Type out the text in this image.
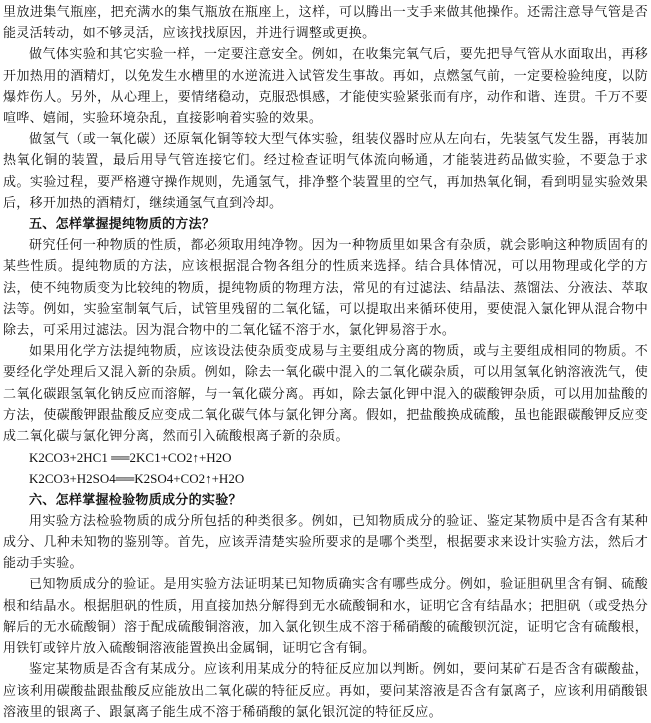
里放进集气瓶座，把充满水的集气瓶放在瓶座上，这样，可以腾出一支手来做其他操作。还需注意导气管是否能灵活转动，如不够灵活，应该找找原因，并进行调整或更换。

做气体实验和其它实验一样，一定要注意安全。例如，在收集完氧气后，要先把导气管从水面取出，再移开加热用的酒精灯，以免发生水槽里的水逆流进入试管发生事故。再如，点燃氢气前，一定要检验纯度，以防爆炸伤人。另外，从心理上，要情绪稳动，克服恐惧感，才能使实验紧张而有序，动作和谐、连贯。千万不要喧哗、嬉闹，实验环境杂乱，直接影响着实验的效果。

做氢气（或一氧化碳）还原氧化铜等较大型气体实验，组装仪器时应从左向右，先装氢气发生器，再装加热氧化铜的装置，最后用导气管连接它们。经过检查证明气体流向畅通，才能装进药品做实验，不要急于求成。实验过程，要严格遵守操作规则，先通氢气，排净整个装置里的空气，再加热氧化铜，看到明显实验效果后，移开加热的酒精灯，继续通氢气直到冷却。

五、怎样掌握提纯物质的方法？

研究任何一种物质的性质，都必须取用纯净物。因为一种物质里如果含有杂质，就会影响这种物质固有的某些性质。提纯物质的方法，应该根据混合物各组分的性质来选择。结合具体情况，可以用物理或化学的方法，使不纯物质变为比较纯的物质，提纯物质的物理方法，常见的有过滤法、结晶法、蒸馏法、分液法、萃取法等。例如，实验室制氧气后，试管里残留的二氧化锰，可以提取出来循环使用，要使混入氯化钾从混合物中除去，可采用过滤法。因为混合物中的二氧化锰不溶于水，氯化钾易溶于水。

如果用化学方法提纯物质，应该设法使杂质变成易与主要组成分离的物质，或与主要组成相同的物质。不要经化学处理后又混入新的杂质。例如，除去一氧化碳中混入的二氧化碳杂质，可以用氢氧化钠溶液洗气，使二氧化碳跟氢氧化钠反应而溶解，与一氧化碳分离。再如，除去氯化钾中混入的碳酸钾杂质，可以用加盐酸的方法，使碳酸钾跟盐酸反应变成二氧化碳气体与氯化钾分离。假如，把盐酸换成硫酸，虽也能跟碳酸钾反应变成二氧化碳与氯化钾分离，然而引入硫酸根离子新的杂质。

K2CO3+2HC1 ══2KC1+CO2↑+H2O

K2CO3+H2SO4══K2SO4+CO2↑+H2O

六、怎样掌握检验物质成分的实验？

用实验方法检验物质的成分所包括的种类很多。例如，已知物质成分的验证、鉴定某物质中是否含有某种成分、几种未知物的鉴别等。首先，应该弄清楚实验所要求的是哪个类型，根据要求来设计实验方法，然后才能动手实验。

已知物质成分的验证。是用实验方法证明某已知物质确实含有哪些成分。例如，验证胆矾里含有铜、硫酸根和结晶水。根据胆矾的性质，用直接加热分解得到无水硫酸铜和水，证明它含有结晶水；把胆矾（或受热分解后的无水硫酸铜）溶于配成硫酸铜溶液，加入氯化钡生成不溶于稀硝酸的硫酸钡沉淀，证明它含有硫酸根，用铁钉或锌片放入硫酸铜溶液能置换出金属铜，证明它含有铜。

鉴定某物质是否含有某成分。应该利用某成分的特征反应加以判断。例如，要问某矿石是否含有碳酸盐，应该利用碳酸盐跟盐酸反应能放出二氧化碳的特征反应。再如，要问某溶液是否含有氯离子，应该利用硝酸银溶液里的银离子、跟氯离子能生成不溶于稀硝酸的氯化银沉淀的特征反应。
